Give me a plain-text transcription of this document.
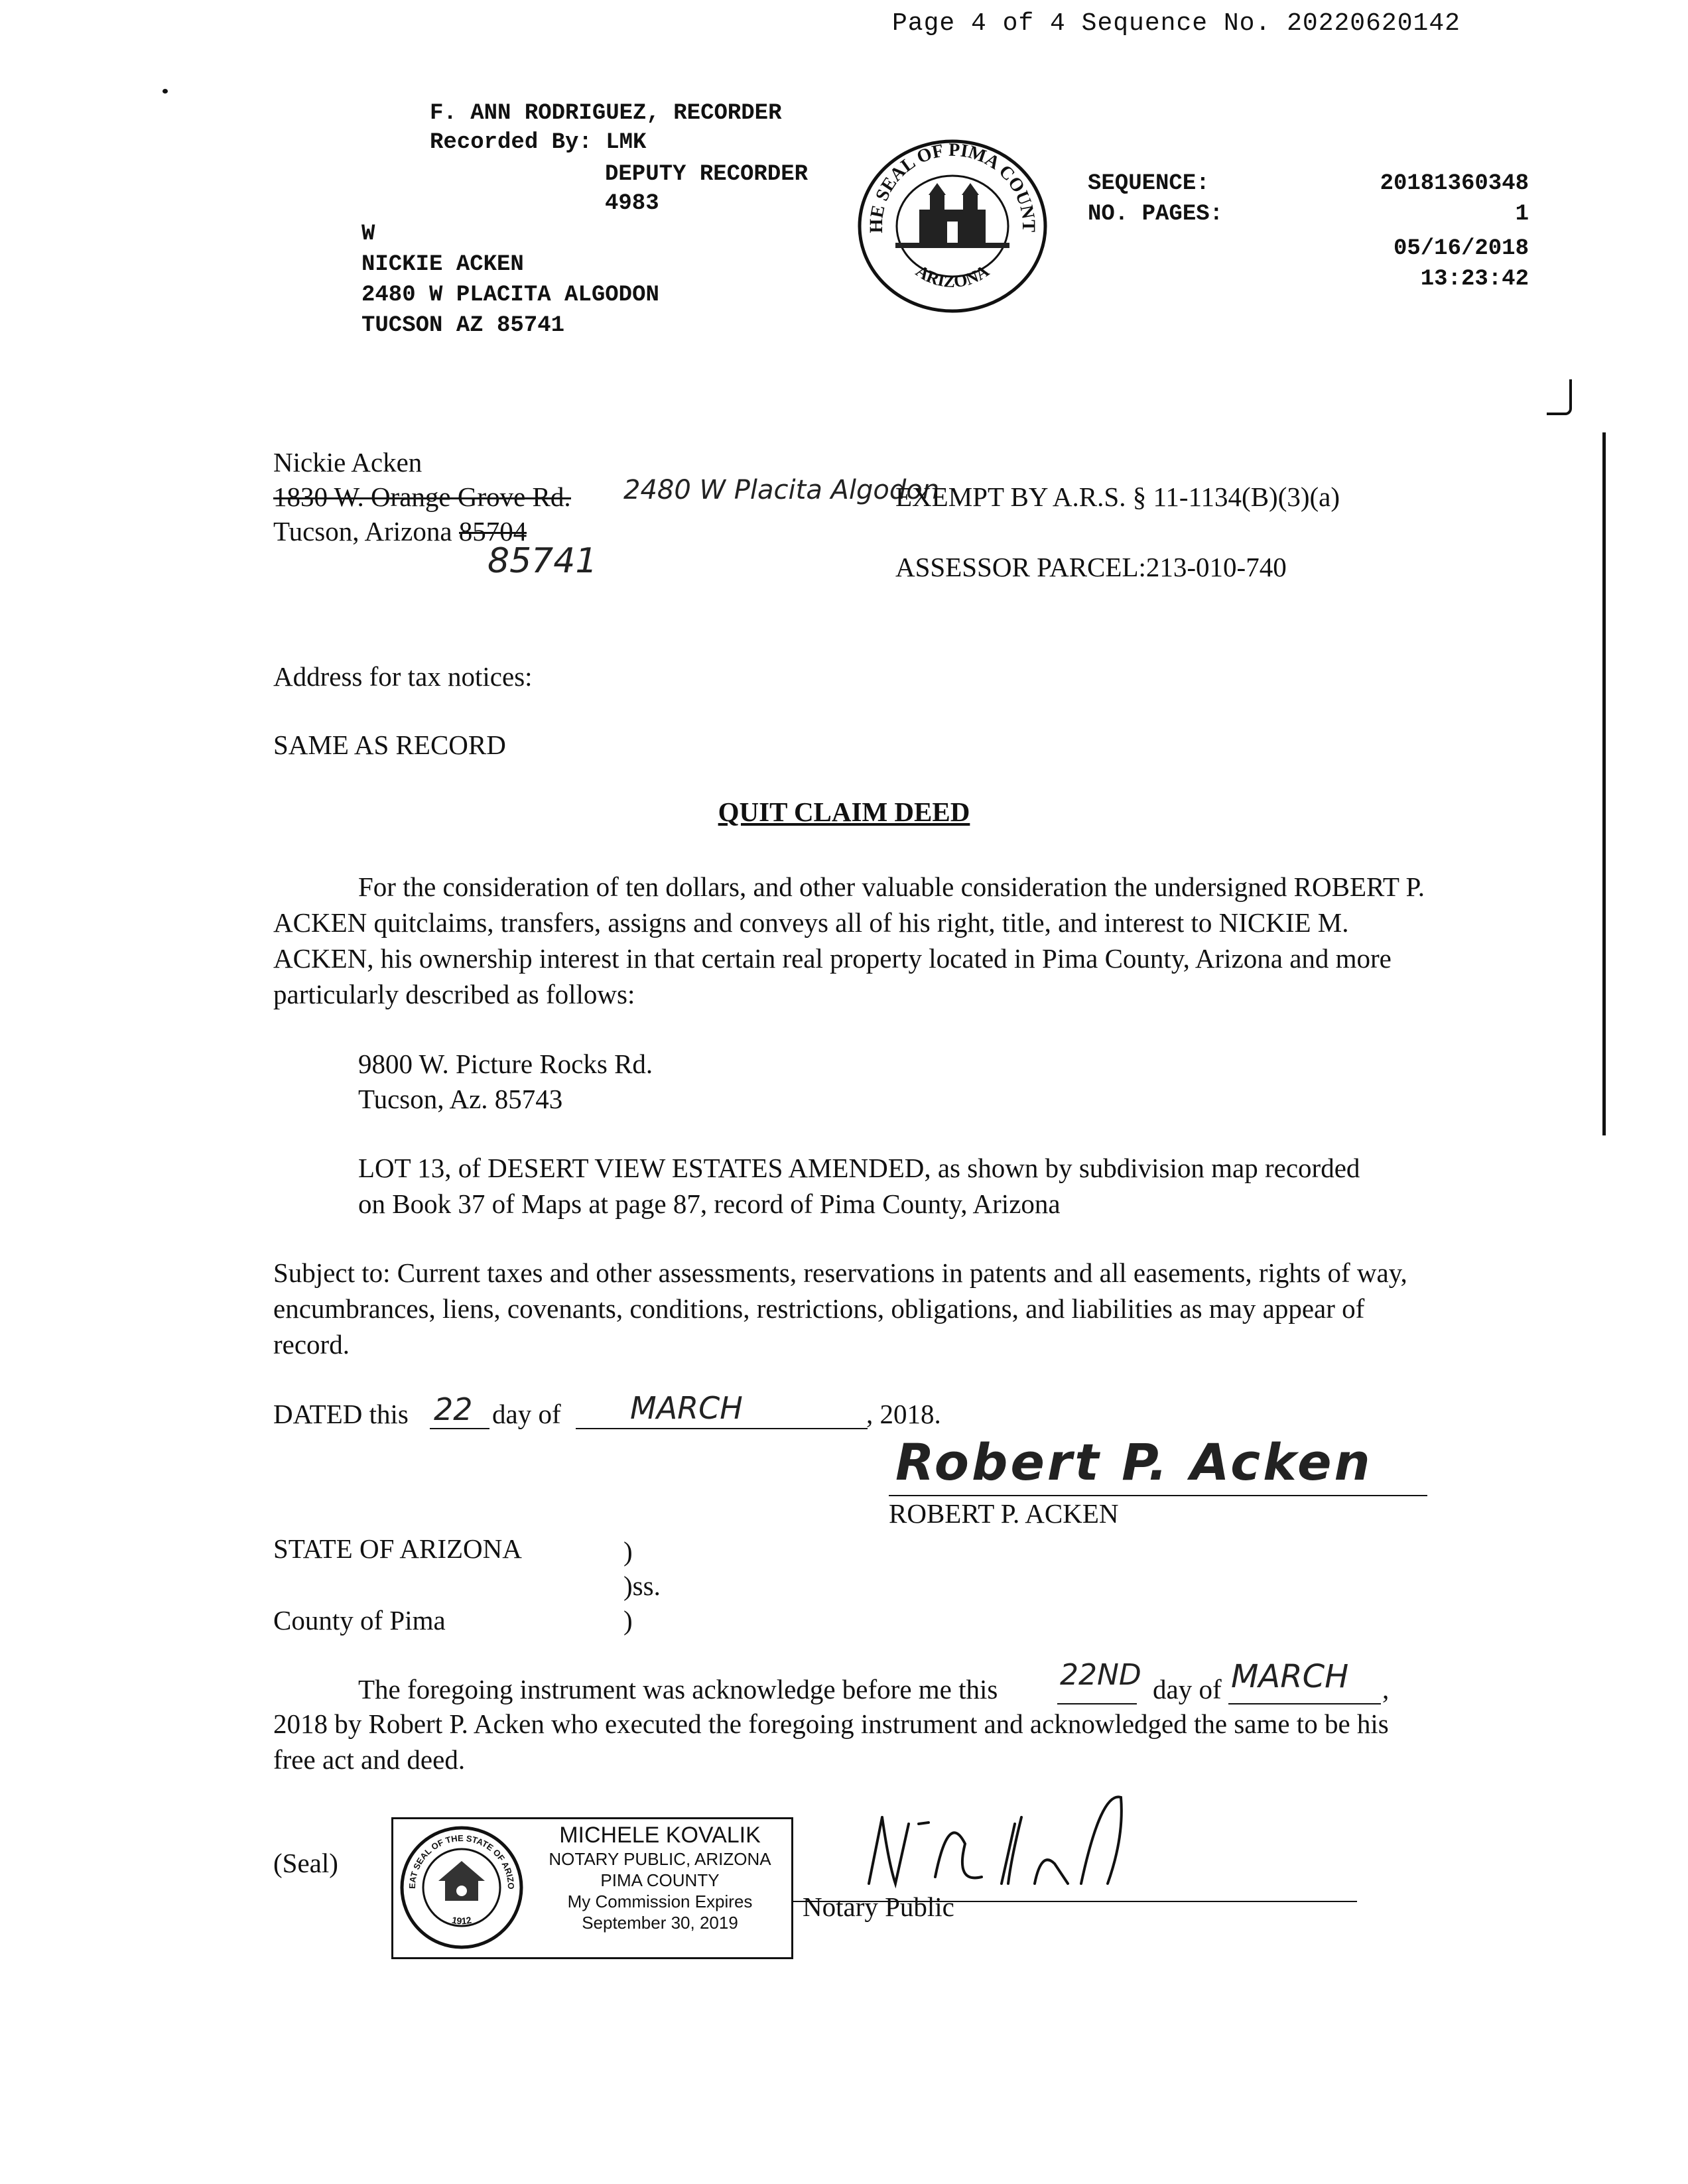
Page 4 of 4 Sequence No. 20220620142
F. ANN RODRIGUEZ, RECORDER
Recorded By: LMK
DEPUTY RECORDER
4983
W
NICKIE ACKEN
2480 W PLACITA ALGODON
TUCSON AZ 85741
HE SEAL OF PIMA COUNT
ARIZONA
SEQUENCE:	20181360348
NO. PAGES:	1
05/16/2018
13:23:42
Nickie Acken
1830 W. Orange Grove Rd. 2480 W Placita Algodon
Tucson, Arizona 85704
85741
EXEMPT BY A.R.S. § 11-1134(B)(3)(a)
ASSESSOR PARCEL:213-010-740
Address for tax notices:
SAME AS RECORD
QUIT CLAIM DEED
For the consideration of ten dollars, and other valuable consideration the undersigned ROBERT P. ACKEN quitclaims, transfers, assigns and conveys all of his right, title, and interest to NICKIE M. ACKEN, his ownership interest in that certain real property located in Pima County, Arizona and more particularly described as follows:
9800 W. Picture Rocks Rd.
Tucson, Az. 85743
LOT 13, of DESERT VIEW ESTATES AMENDED, as shown by subdivision map recorded on Book 37 of Maps at page 87, record of Pima County, Arizona
Subject to: Current taxes and other assessments, reservations in patents and all easements, rights of way, encumbrances, liens, covenants, conditions, restrictions, obligations, and liabilities as may appear of record.
DATED this 22 day of MARCH	, 2018.
Robert P. Acken
ROBERT P. ACKEN
STATE OF ARIZONA	)
)ss.
County of Pima	)
The foregoing instrument was acknowledge before me this 22ND day of MARCH ,
2018 by Robert P. Acken who executed the foregoing instrument and acknowledged the same to be his free act and deed.
(Seal)
EAT SEAL OF THE STATE OF ARIZO
1912
MICHELE KOVALIK
NOTARY PUBLIC, ARIZONA
PIMA COUNTY
My Commission Expires
September 30, 2019
Notary Public
